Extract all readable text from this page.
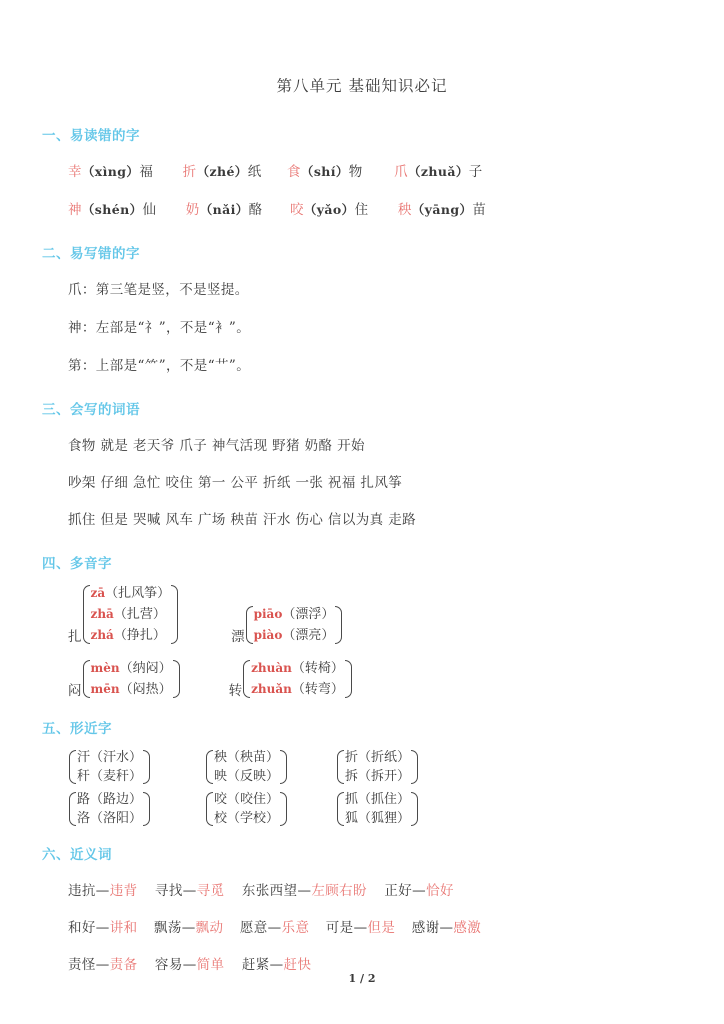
第八单元 基础知识必记
一、易读错的字
幸（xìng）福 折（zhé）纸 食（shí）物 爪（zhuǎ）子
神（shén）仙 奶（nǎi）酪 咬（yǎo）住 秧（yāng）苗
二、易写错的字
爪：第三笔是竖，不是竖提。
神：左部是“礻”，不是“衤”。
第：上部是“⺮”，不是“艹”。
三、会写的词语
食物 就是 老天爷 爪子 神气活现 野猪 奶酪 开始
吵架 仔细 急忙 咬住 第一 公平 折纸 一张 祝福 扎风筝
抓住 但是 哭喊 风车 广场 秧苗 汗水 伤心 信以为真 走路
四、多音字
扎
zā（扎风筝）
zhā（扎营）
zhá（挣扎）	漂
piāo（漂浮）
piào（漂亮）
闷
mèn（纳闷）
mēn（闷热）	转
zhuàn（转椅）
zhuǎn（转弯）
五、形近字
汗（汗水）
秆（麦秆）
秧（秧苗）
映（反映）
折（折纸）
拆（拆开）
路（路边）
洛（洛阳）
咬（咬住）
校（学校）
抓（抓住）
狐（狐狸）
六、近义词
违抗—违背 寻找—寻觅 东张西望—左顾右盼 正好—恰好
和好—讲和 飘荡—飘动 愿意—乐意 可是—但是 感谢—感激
责怪—责备 容易—简单 赶紧—赶快
1 / 2
